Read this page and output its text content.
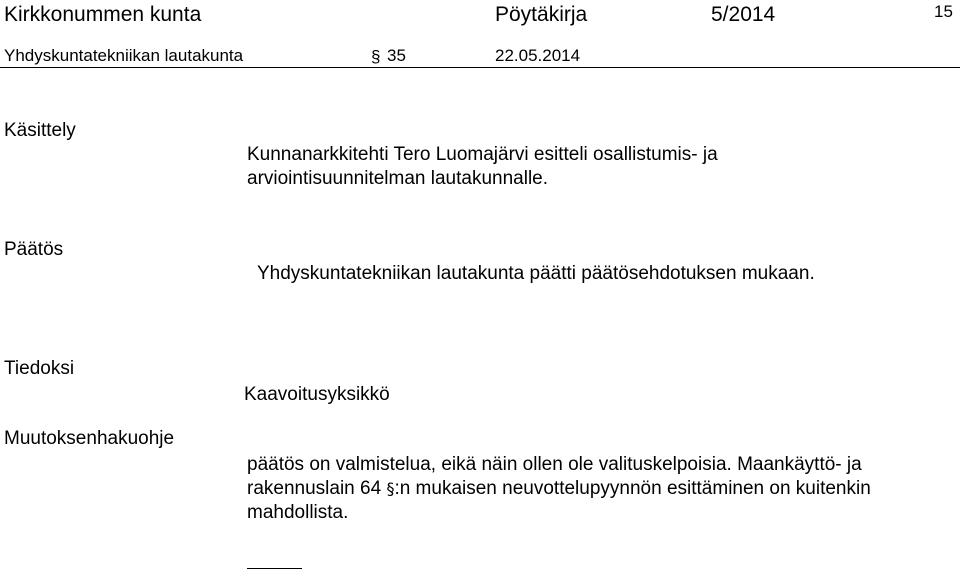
Kirkkonummen kunta	Pöytäkirja	5/2014	15
Yhdyskuntatekniikan lautakunta	§ 35	22.05.2014
Käsittely
Kunnanarkkitehti Tero Luomajärvi esitteli osallistumis- ja arviointisuunnitelman lautakunnalle.
Päätös
Yhdyskuntatekniikan lautakunta päätti päätösehdotuksen mukaan.
Tiedoksi
Kaavoitusyksikkö
Muutoksenhakuohje
päätös on valmistelua, eikä näin ollen ole valituskelpoisia. Maankäyttö- ja rakennuslain 64 §:n mukaisen neuvottelupyynnön esittäminen on kuitenkin mahdollista.
